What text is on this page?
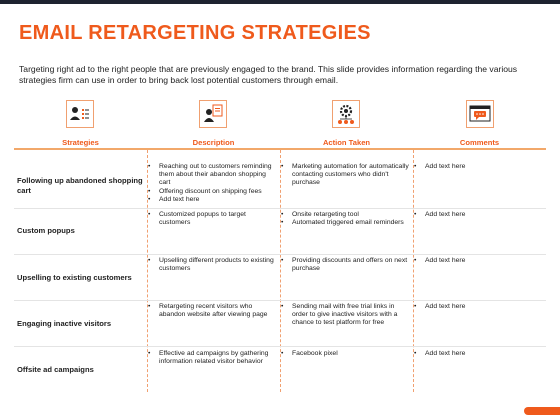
EMAIL RETARGETING STRATEGIES

Targeting right ad to the right people that are previously engaged to the brand. This slide provides information regarding the various strategies firm can use in order to bring back lost potential customers through email.

Strategies	Description	Action Taken	Comments
Following up abandoned shopping cart
• Reaching out to customers reminding them about their abandon shopping cart
• Offering discount on shipping fees
• Add text here
• Marketing automation for automatically contacting customers who didn't purchase
• Add text here
Custom popups
• Customized popups to target customers
• Onsite retargeting tool
• Automated triggered email reminders
• Add text here
Upselling to existing customers
• Upselling different products to existing customers
• Providing discounts and offers on next purchase
• Add text here
Engaging inactive visitors
• Retargeting recent visitors who abandon website after viewing page
• Sending mail with free trial links in order to give inactive visitors with a chance to test platform for free
• Add text here
Offsite ad campaigns
• Effective ad campaigns by gathering information related visitor behavior
• Facebook pixel
•	Add text here
